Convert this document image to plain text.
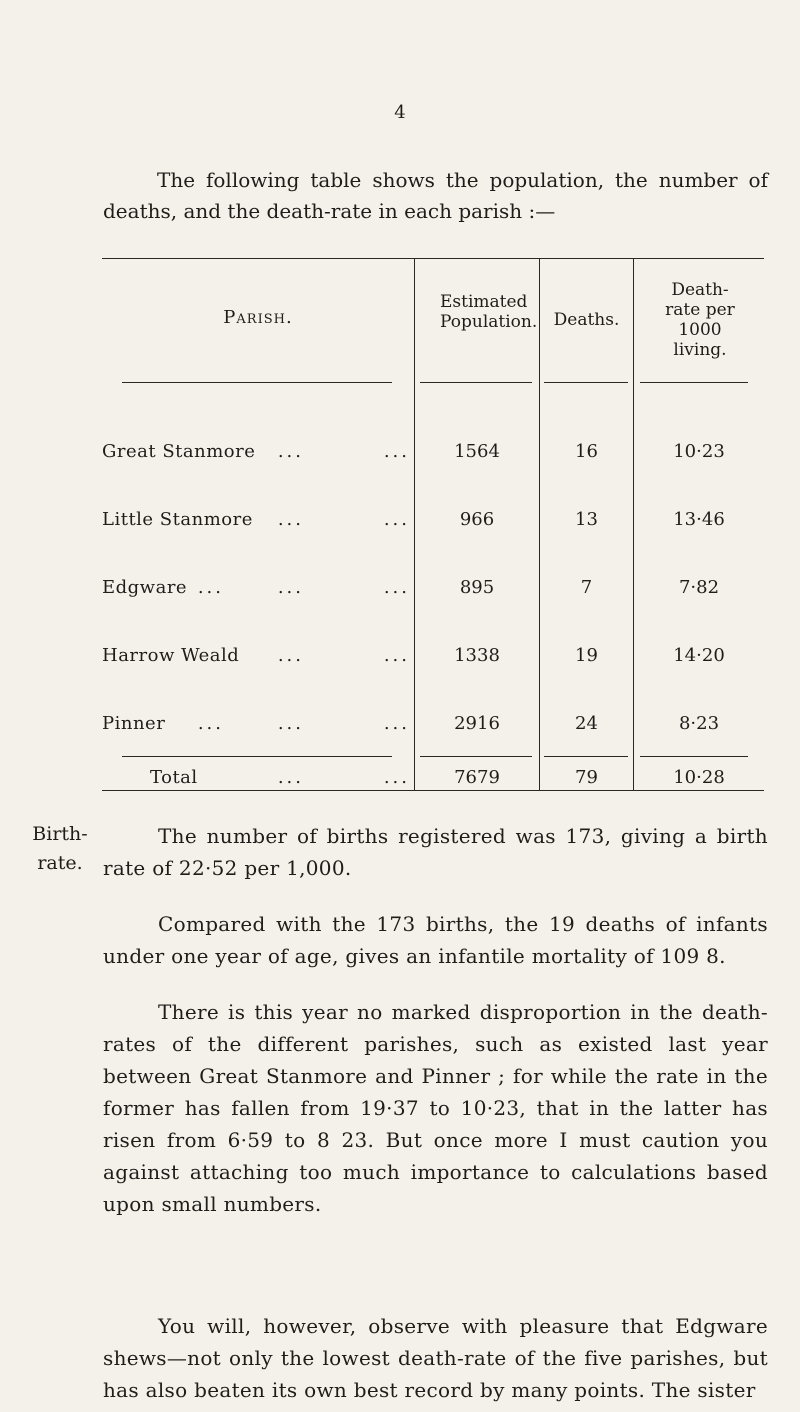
4
The following table shows the population, the number of deaths, and the death-rate in each parish :—
Parish.
Estimated Population. Deaths.
Death-rate per 1000 living.
Great Stanmore ...	...	1564	16	10·23
Little Stanmore ...	...	966	13	13·46
Edgware ...	...	...	895	7	7·82
Harrow Weald ...	...	1338	19	14·20
Pinner ...	...	...	2916	24	8·23
Total	...	...	7679	79	10·28
Birth-rate.
The number of births registered was 173, giving a birth rate of 22·52 per 1,000.
Compared with the 173 births, the 19 deaths of infants under one year of age, gives an infantile mortality of 109 8.
There is this year no marked disproportion in the death-rates of the different parishes, such as existed last year between Great Stanmore and Pinner ; for while the rate in the former has fallen from 19·37 to 10·23, that in the latter has risen from 6·59 to 8 23. But once more I must caution you against attaching too much importance to calculations based upon small numbers.
You will, however, observe with pleasure that Edgware shews—not only the lowest death-rate of the five parishes, but has also beaten its own best record by many points. The sister
